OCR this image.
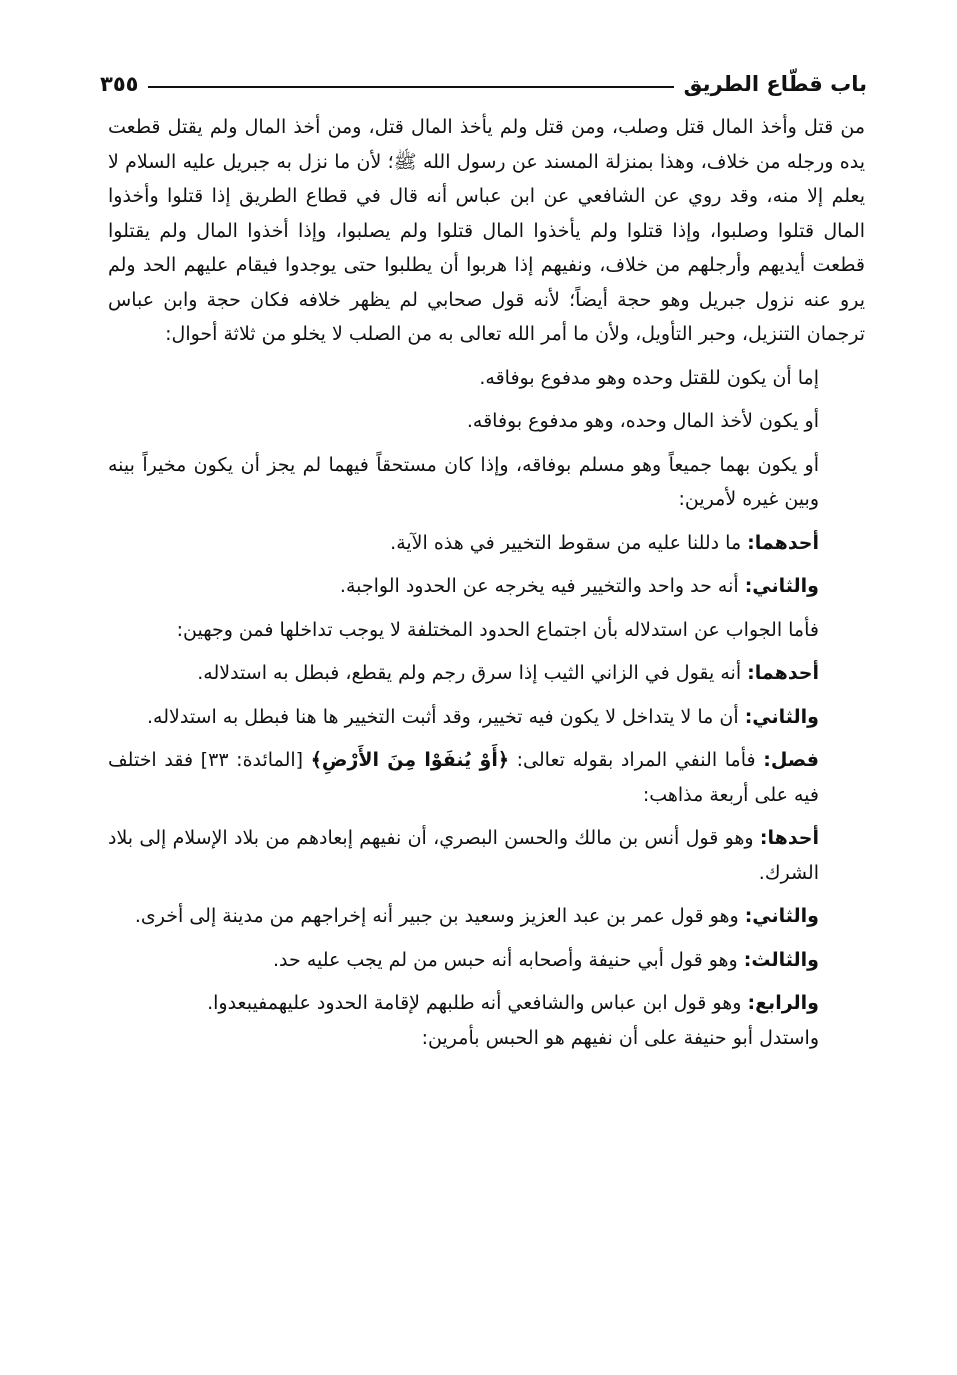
باب قطّاع الطريق
٣٥٥

من قتل وأخذ المال قتل وصلب، ومن قتل ولم يأخذ المال قتل، ومن أخذ المال ولم يقتل قطعت يده ورجله من خلاف، وهذا بمنزلة المسند عن رسول الله ﷺ؛ لأن ما نزل به جبريل عليه السلام لا يعلم إلا منه، وقد روي عن الشافعي عن ابن عباس أنه قال في قطاع الطريق إذا قتلوا وأخذوا المال قتلوا وصلبوا، وإذا قتلوا ولم يأخذوا المال قتلوا ولم يصلبوا، وإذا أخذوا المال ولم يقتلوا قطعت أيديهم وأرجلهم من خلاف، ونفيهم إذا هربوا أن يطلبوا حتى يوجدوا فيقام عليهم الحد ولم يرو عنه نزول جبريل وهو حجة أيضاً؛ لأنه قول صحابي لم يظهر خلافه فكان حجة وابن عباس ترجمان التنزيل، وحبر التأويل، ولأن ما أمر الله تعالى به من الصلب لا يخلو من ثلاثة أحوال:

إما أن يكون للقتل وحده وهو مدفوع بوفاقه.

أو يكون لأخذ المال وحده، وهو مدفوع بوفاقه.

أو يكون بهما جميعاً وهو مسلم بوفاقه، وإذا كان مستحقاً فيهما لم يجز أن يكون مخيراً بينه وبين غيره لأمرين:

أحدهما: ما دللنا عليه من سقوط التخيير في هذه الآية.

والثاني: أنه حد واحد والتخيير فيه يخرجه عن الحدود الواجبة.

فأما الجواب عن استدلاله بأن اجتماع الحدود المختلفة لا يوجب تداخلها فمن وجهين:

أحدهما: أنه يقول في الزاني الثيب إذا سرق رجم ولم يقطع، فبطل به استدلاله.

والثاني: أن ما لا يتداخل لا يكون فيه تخيير، وقد أثبت التخيير ها هنا فبطل به استدلاله.

فصل: فأما النفي المراد بقوله تعالى: ﴿أَوْ يُنفَوْا مِنَ الأَرْضِ﴾ [المائدة: ٣٣] فقد اختلف فيه على أربعة مذاهب:

أحدها: وهو قول أنس بن مالك والحسن البصري، أن نفيهم إبعادهم من بلاد الإسلام إلى بلاد الشرك.

والثاني: وهو قول عمر بن عبد العزيز وسعيد بن جبير أنه إخراجهم من مدينة إلى أخرى.

والثالث: وهو قول أبي حنيفة وأصحابه أنه حبس من لم يجب عليه حد.

والرابع: وهو قول ابن عباس والشافعي أنه طلبهم لإقامة الحدود عليهمفيبعدوا.

واستدل أبو حنيفة على أن نفيهم هو الحبس بأمرين:
